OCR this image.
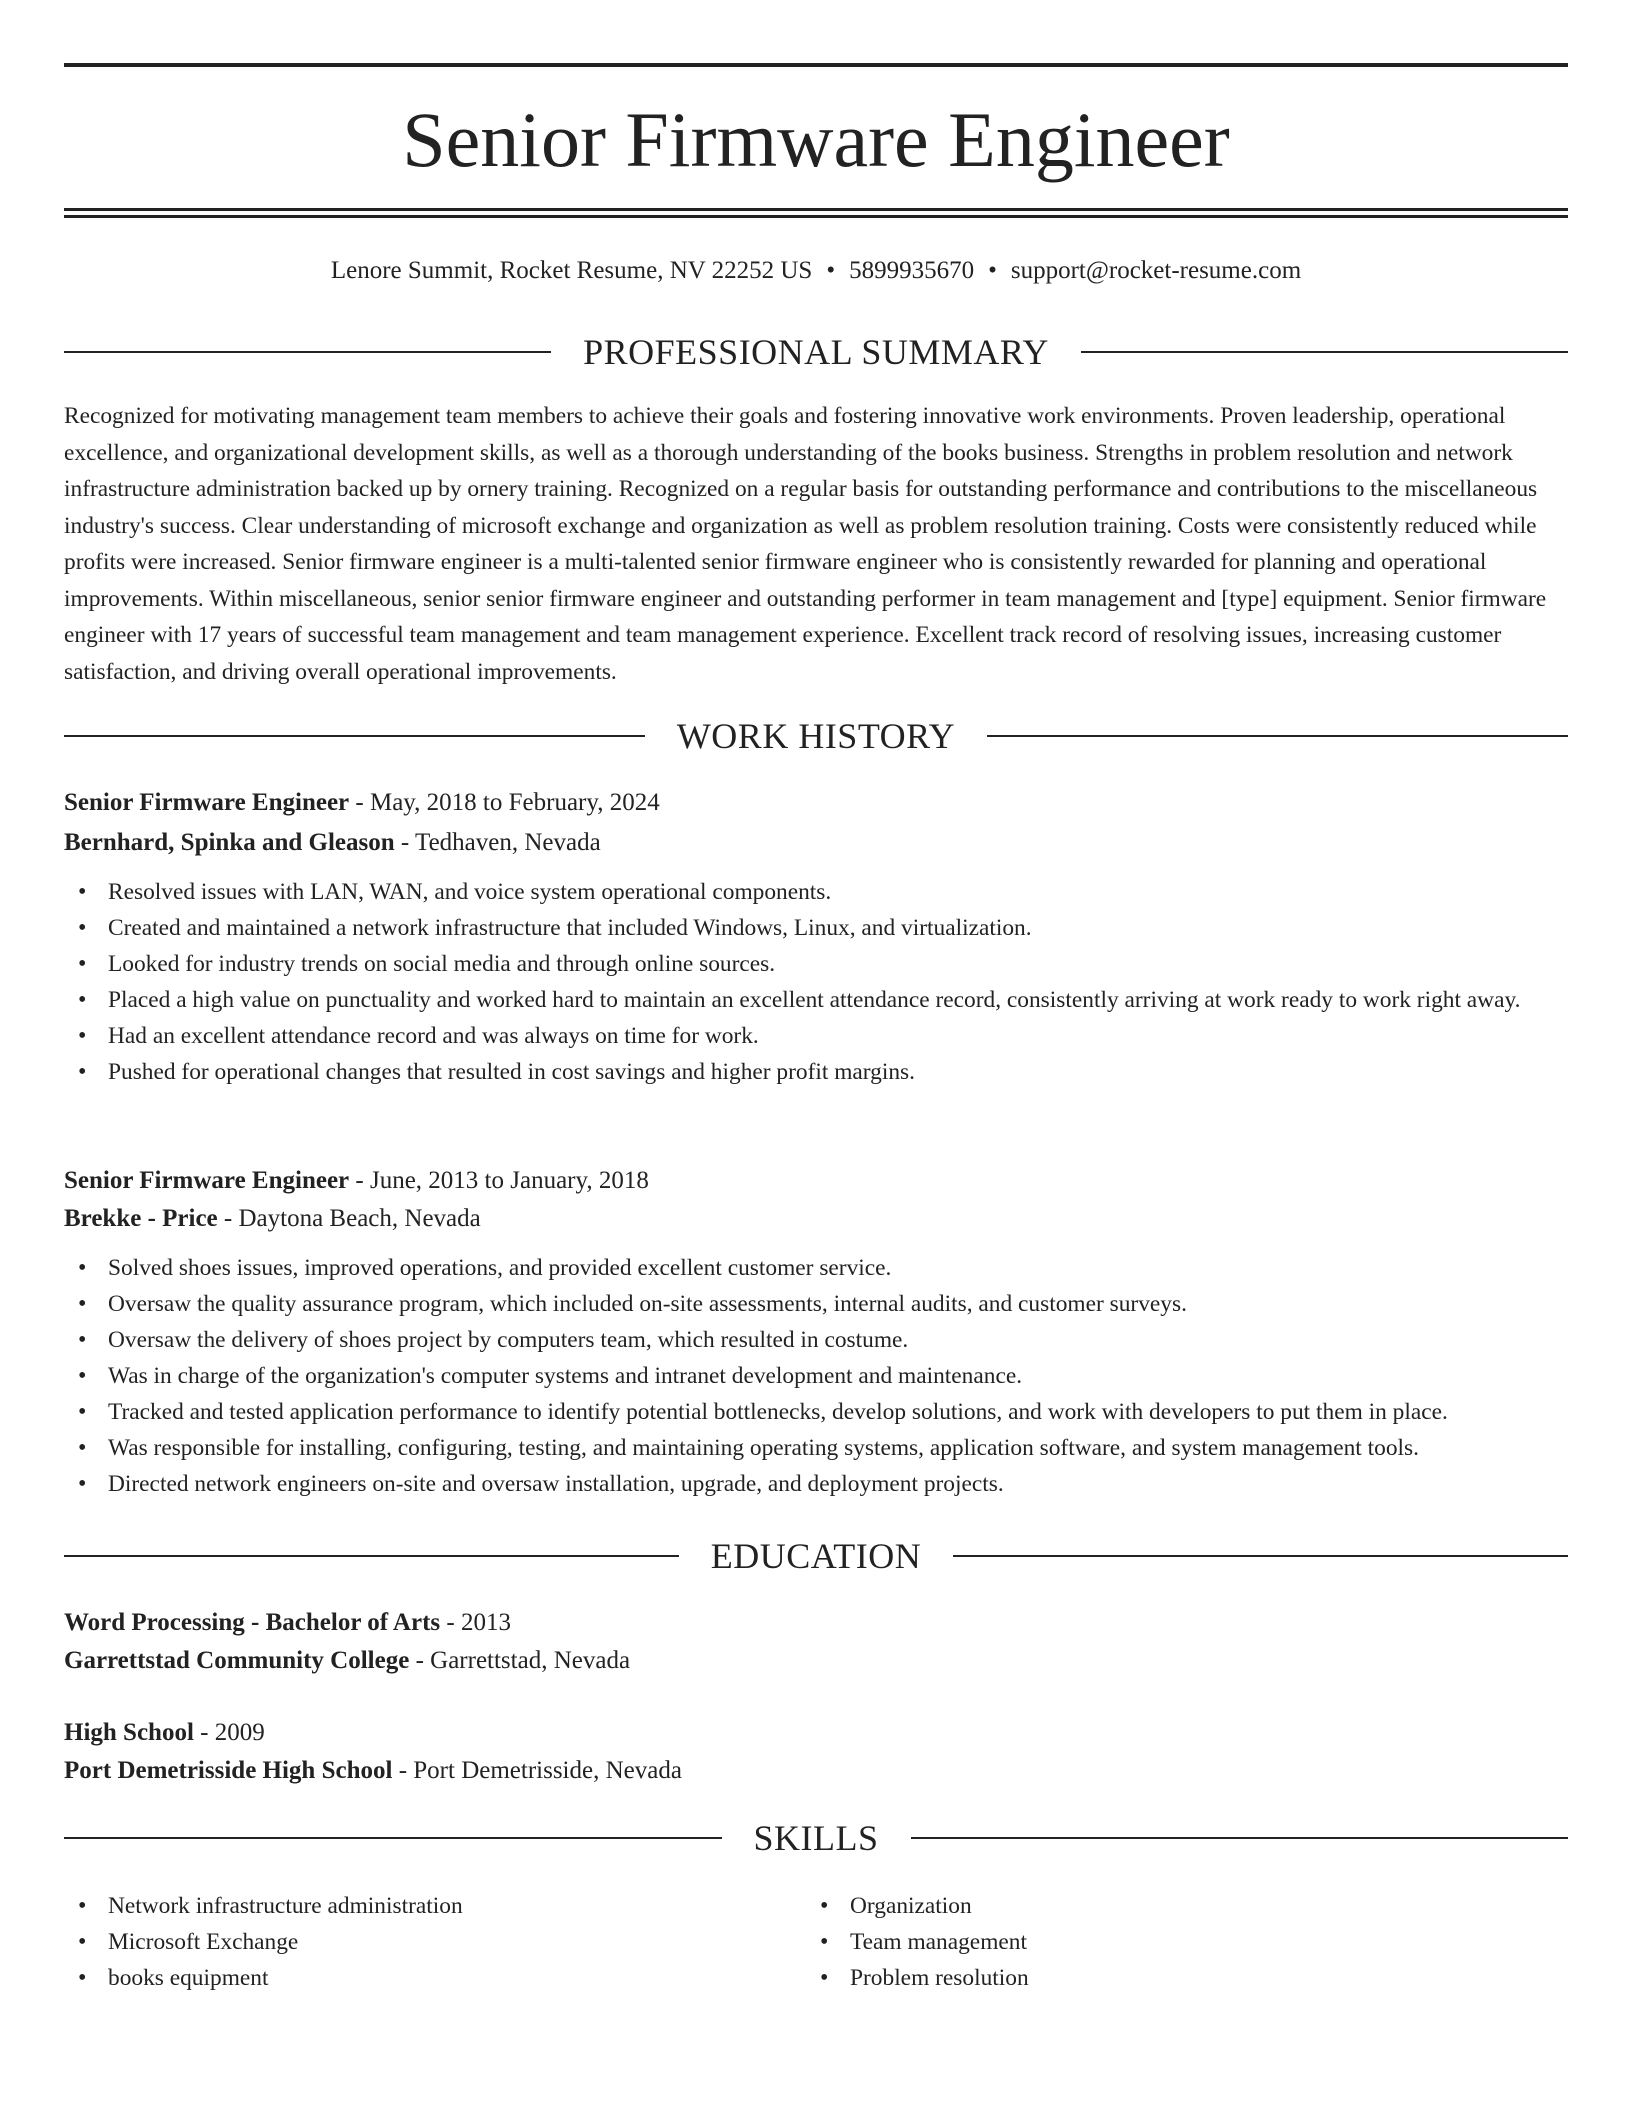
Senior Firmware Engineer
Lenore Summit, Rocket Resume, NV 22252 US • 5899935670 • support@rocket-resume.com
PROFESSIONAL SUMMARY

Recognized for motivating management team members to achieve their goals and fostering innovative work environments. Proven leadership, operational excellence, and organizational development skills, as well as a thorough understanding of the books business. Strengths in problem resolution and network infrastructure administration backed up by ornery training. Recognized on a regular basis for outstanding performance and contributions to the miscellaneous industry's success. Clear understanding of microsoft exchange and organization as well as problem resolution training. Costs were consistently reduced while profits were increased. Senior firmware engineer is a multi-talented senior firmware engineer who is consistently rewarded for planning and operational improvements. Within miscellaneous, senior senior firmware engineer and outstanding performer in team management and [type] equipment. Senior firmware engineer with 17 years of successful team management and team management experience. Excellent track record of resolving issues, increasing customer satisfaction, and driving overall operational improvements.

WORK HISTORY

Senior Firmware Engineer - May, 2018 to February, 2024

Bernhard, Spinka and Gleason - Tedhaven, Nevada

• Resolved issues with LAN, WAN, and voice system operational components.
• Created and maintained a network infrastructure that included Windows, Linux, and virtualization.
• Looked for industry trends on social media and through online sources.
• Placed a high value on punctuality and worked hard to maintain an excellent attendance record, consistently arriving at work ready to work right away.
• Had an excellent attendance record and was always on time for work.
• Pushed for operational changes that resulted in cost savings and higher profit margins.

Senior Firmware Engineer - June, 2013 to January, 2018

Brekke - Price - Daytona Beach, Nevada

• Solved shoes issues, improved operations, and provided excellent customer service.
• Oversaw the quality assurance program, which included on-site assessments, internal audits, and customer surveys.
• Oversaw the delivery of shoes project by computers team, which resulted in costume.
• Was in charge of the organization's computer systems and intranet development and maintenance.
• Tracked and tested application performance to identify potential bottlenecks, develop solutions, and work with developers to put them in place.
• Was responsible for installing, configuring, testing, and maintaining operating systems, application software, and system management tools.
• Directed network engineers on-site and oversaw installation, upgrade, and deployment projects.
EDUCATION

Word Processing - Bachelor of Arts - 2013

Garrettstad Community College - Garrettstad, Nevada

High School - 2009

Port Demetrisside High School - Port Demetrisside, Nevada

SKILLS
• Network infrastructure administration
• Microsoft Exchange
• books equipment
• Organization
• Team management
• Problem resolution
